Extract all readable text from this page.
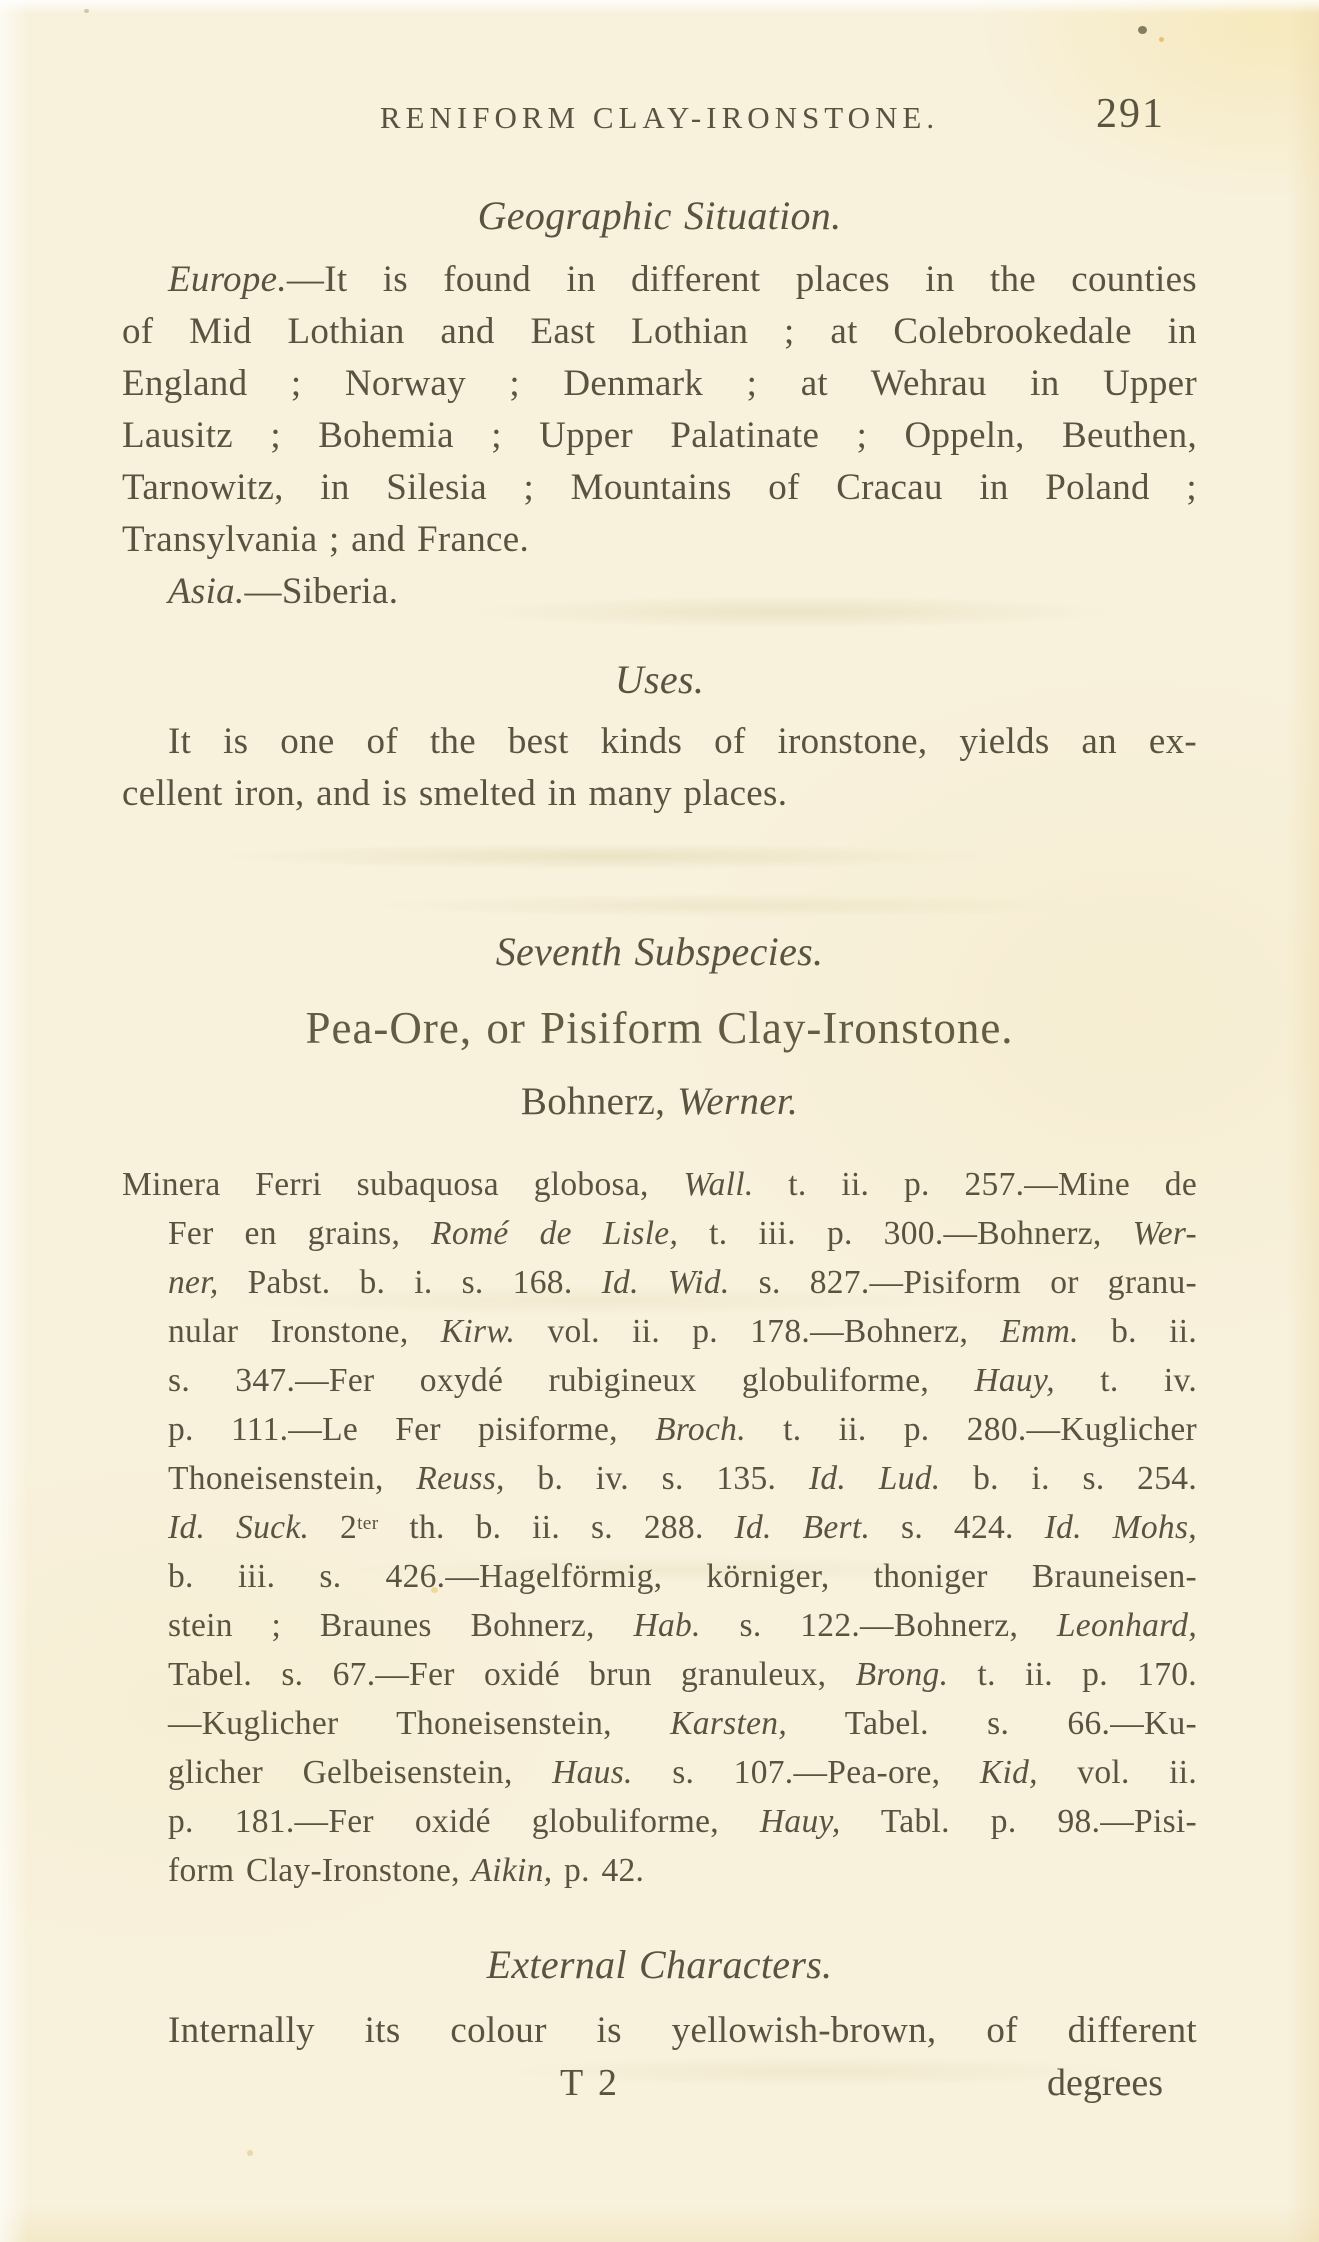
RENIFORM CLAY-IRONSTONE.	291
Geographic Situation.
Europe.—It is found in different places in the counties
of Mid Lothian and East Lothian ; at Colebrookedale in
England ; Norway ; Denmark ; at Wehrau in Upper
Lausitz ; Bohemia ; Upper Palatinate ; Oppeln, Beuthen,
Tarnowitz, in Silesia ; Mountains of Cracau in Poland ;
Transylvania ; and France.
Asia.—Siberia.
Uses.
It is one of the best kinds of ironstone, yields an ex-
cellent iron, and is smelted in many places.
Seventh Subspecies.
Pea-Ore, or Pisiform Clay-Ironstone.
Bohnerz, Werner.
Minera Ferri subaquosa globosa, Wall. t. ii. p. 257.—Mine de
Fer en grains, Romé de Lisle, t. iii. p. 300.—Bohnerz, Wer-
ner, Pabst. b. i. s. 168. Id. Wid. s. 827.—Pisiform or granu-
nular Ironstone, Kirw. vol. ii. p. 178.—Bohnerz, Emm. b. ii.
s. 347.—Fer oxydé rubigineux globuliforme, Hauy, t. iv.
p. 111.—Le Fer pisiforme, Broch. t. ii. p. 280.—Kuglicher
Thoneisenstein, Reuss, b. iv. s. 135. Id. Lud. b. i. s. 254.
Id. Suck. $2^{ter}$ th. b. ii. s. 288. Id. Bert. s. 424. Id. Mohs,
b. iii. s. 426.—Hagelförmig, körniger, thoniger Brauneisen-
stein ; Braunes Bohnerz, Hab. s. 122.—Bohnerz, Leonhard,
Tabel. s. 67.—Fer oxidé brun granuleux, Brong. t. ii. p. 170.
—Kuglicher Thoneisenstein, Karsten, Tabel. s. 66.—Ku-
glicher Gelbeisenstein, Haus. s. 107.—Pea-ore, Kid, vol. ii.
p. 181.—Fer oxidé globuliforme, Hauy, Tabl. p. 98.—Pisi-
form Clay-Ironstone, Aikin, p. 42.
External Characters.
Internally its colour is yellowish-brown, of different
T 2	degrees
